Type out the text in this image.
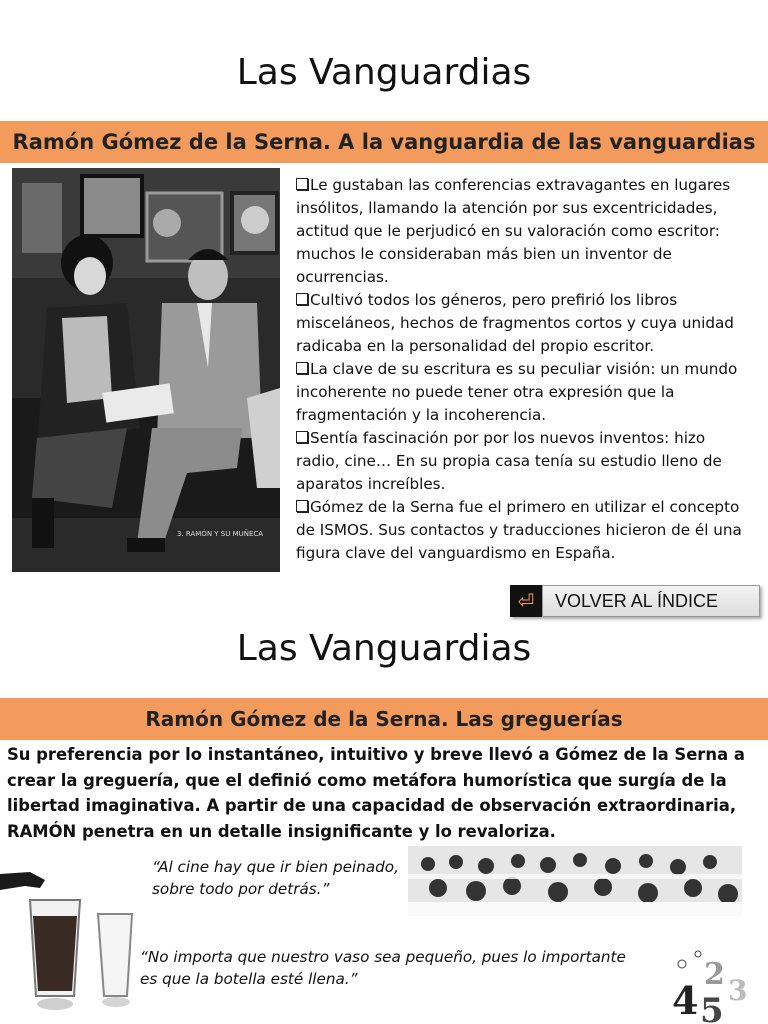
Las Vanguardias
Ramón Gómez de la Serna. A la vanguardia de las vanguardias
3. RAMÓN Y SU MUÑECA

Le gustaban las conferencias extravagantes en lugares insólitos, llamando la atención por sus excentricidades, actitud que le perjudicó en su valoración como escritor: muchos le consideraban más bien un inventor de ocurrencias.

Cultivó todos los géneros, pero prefirió los libros misceláneos, hechos de fragmentos cortos y cuya unidad radicaba en la personalidad del propio escritor.

La clave de su escritura es su peculiar visión: un mundo incoherente no puede tener otra expresión que la fragmentación y la incoherencia.

Sentía fascinación por por los nuevos inventos: hizo radio, cine… En su propia casa tenía su estudio lleno de aparatos increíbles.

Gómez de la Serna fue el primero en utilizar el concepto de ISMOS. Sus contactos y traducciones hicieron de él una figura clave del vanguardismo en España.

⏎	VOLVER AL ÍNDICE
Las Vanguardias
Ramón Gómez de la Serna. Las greguerías
Su preferencia por lo instantáneo, intuitivo y breve llevó a Gómez de la Serna a crear la greguería, que el definió como metáfora humorística que surgía de la libertad imaginativa. A partir de una capacidad de observación extraordinaria, RAMÓN penetra en un detalle insignificante y lo revaloriza.
“Al cine hay que ir bien peinado,
sobre todo por detrás.”
“No importa que nuestro vaso sea pequeño, pues lo importante
es que la botella esté llena.”	4 5
2 3
